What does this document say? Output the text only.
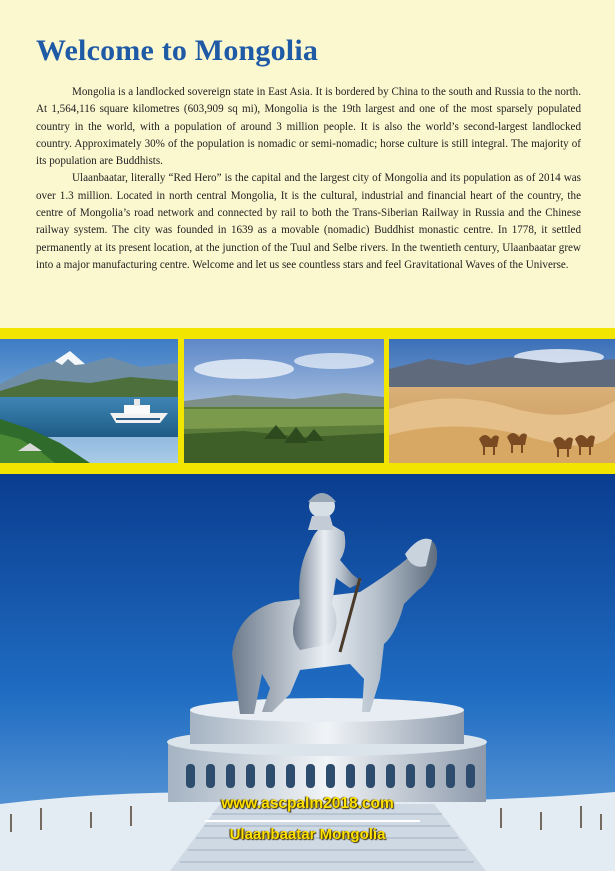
Welcome to Mongolia

Mongolia is a landlocked sovereign state in East Asia. It is bordered by China to the south and Russia to the north. At 1,564,116 square kilometres (603,909 sq mi), Mongolia is the 19th largest and one of the most sparsely populated country in the world, with a population of around 3 million people. It is also the world’s second-largest landlocked country. Approximately 30% of the population is nomadic or semi-nomadic; horse culture is still integral. The majority of its population are Buddhists.

Ulaanbaatar, literally “Red Hero” is the capital and the largest city of Mongolia and its population as of 2014 was over 1.3 million. Located in north central Mongolia, It is the cultural, industrial and financial heart of the country, the centre of Mongolia’s road network and connected by rail to both the Trans-Siberian Railway in Russia and the Chinese railway system. The city was founded in 1639 as a movable (nomadic) Buddhist monastic centre. In 1778, it settled permanently at its present location, at the junction of the Tuul and Selbe rivers. In the twentieth century, Ulaanbaatar grew into a major manufacturing centre. Welcome and let us see countless stars and feel Gravitational Waves of the Universe.

www.ascpalm2018.com
Ulaanbaatar Mongolia
